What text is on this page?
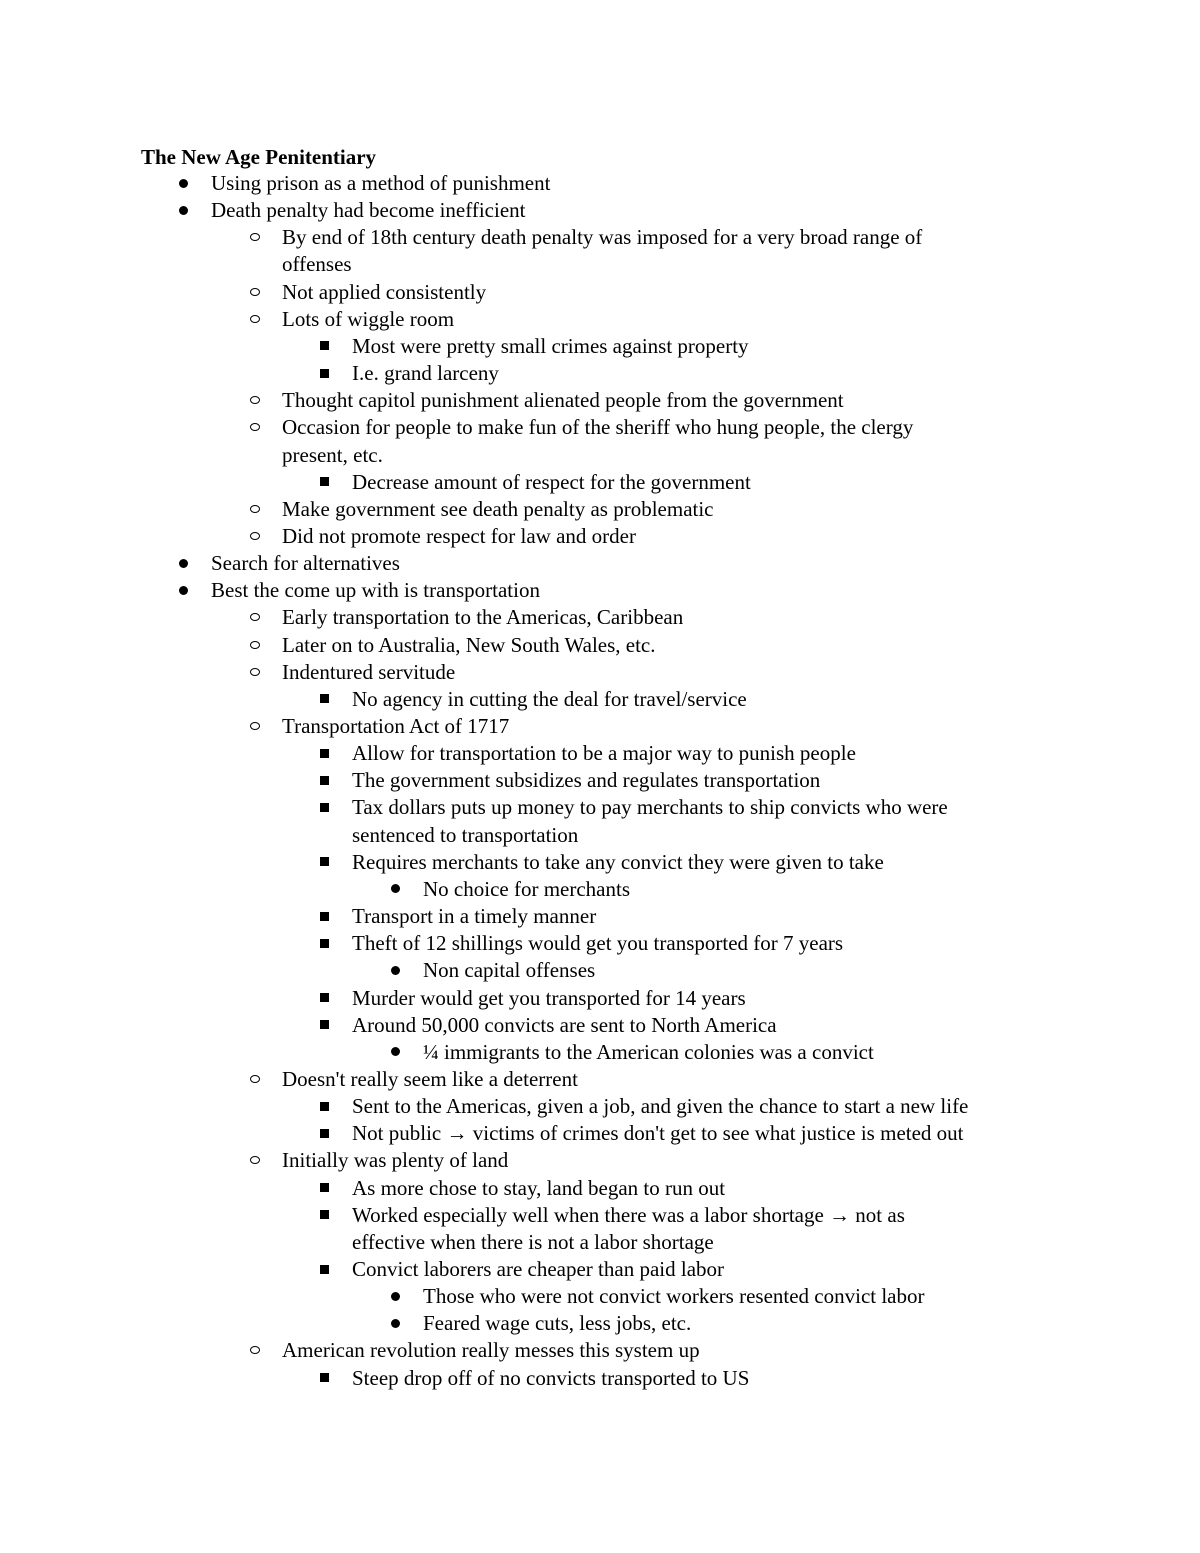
The New Age Penitentiary
Using prison as a method of punishment
Death penalty had become inefficient
By end of 18th century death penalty was imposed for a very broad range of
offenses
Not applied consistently
Lots of wiggle room
Most were pretty small crimes against property
I.e. grand larceny
Thought capitol punishment alienated people from the government
Occasion for people to make fun of the sheriff who hung people, the clergy
present, etc.
Decrease amount of respect for the government
Make government see death penalty as problematic
Did not promote respect for law and order
Search for alternatives
Best the come up with is transportation
Early transportation to the Americas, Caribbean
Later on to Australia, New South Wales, etc.
Indentured servitude
No agency in cutting the deal for travel/service
Transportation Act of 1717
Allow for transportation to be a major way to punish people
The government subsidizes and regulates transportation
Tax dollars puts up money to pay merchants to ship convicts who were
sentenced to transportation
Requires merchants to take any convict they were given to take
No choice for merchants
Transport in a timely manner
Theft of 12 shillings would get you transported for 7 years
Non capital offenses
Murder would get you transported for 14 years
Around 50,000 convicts are sent to North America
¼ immigrants to the American colonies was a convict
Doesn't really seem like a deterrent
Sent to the Americas, given a job, and given the chance to start a new life
Not public → victims of crimes don't get to see what justice is meted out
Initially was plenty of land
As more chose to stay, land began to run out
Worked especially well when there was a labor shortage → not as
effective when there is not a labor shortage
Convict laborers are cheaper than paid labor
Those who were not convict workers resented convict labor
Feared wage cuts, less jobs, etc.
American revolution really messes this system up
Steep drop off of no convicts transported to US
